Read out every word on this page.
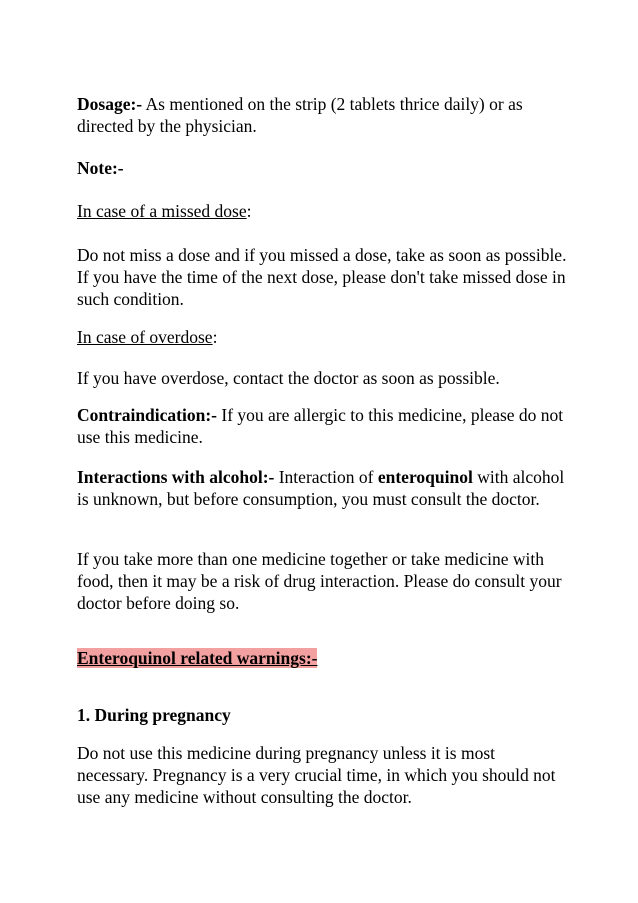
Dosage:- As mentioned on the strip (2 tablets thrice daily) or as directed by the physician.

Note:-

In case of a missed dose:

Do not miss a dose and if you missed a dose, take as soon as possible. If you have the time of the next dose, please don't take missed dose in such condition.

In case of overdose:

If you have overdose, contact the doctor as soon as possible.

Contraindication:- If you are allergic to this medicine, please do not use this medicine.

Interactions with alcohol:- Interaction of enteroquinol with alcohol is unknown, but before consumption, you must consult the doctor.

If you take more than one medicine together or take medicine with food, then it may be a risk of drug interaction. Please do consult your doctor before doing so.

Enteroquinol related warnings:-

1. During pregnancy

Do not use this medicine during pregnancy unless it is most necessary. Pregnancy is a very crucial time, in which you should not use any medicine without consulting the doctor.
